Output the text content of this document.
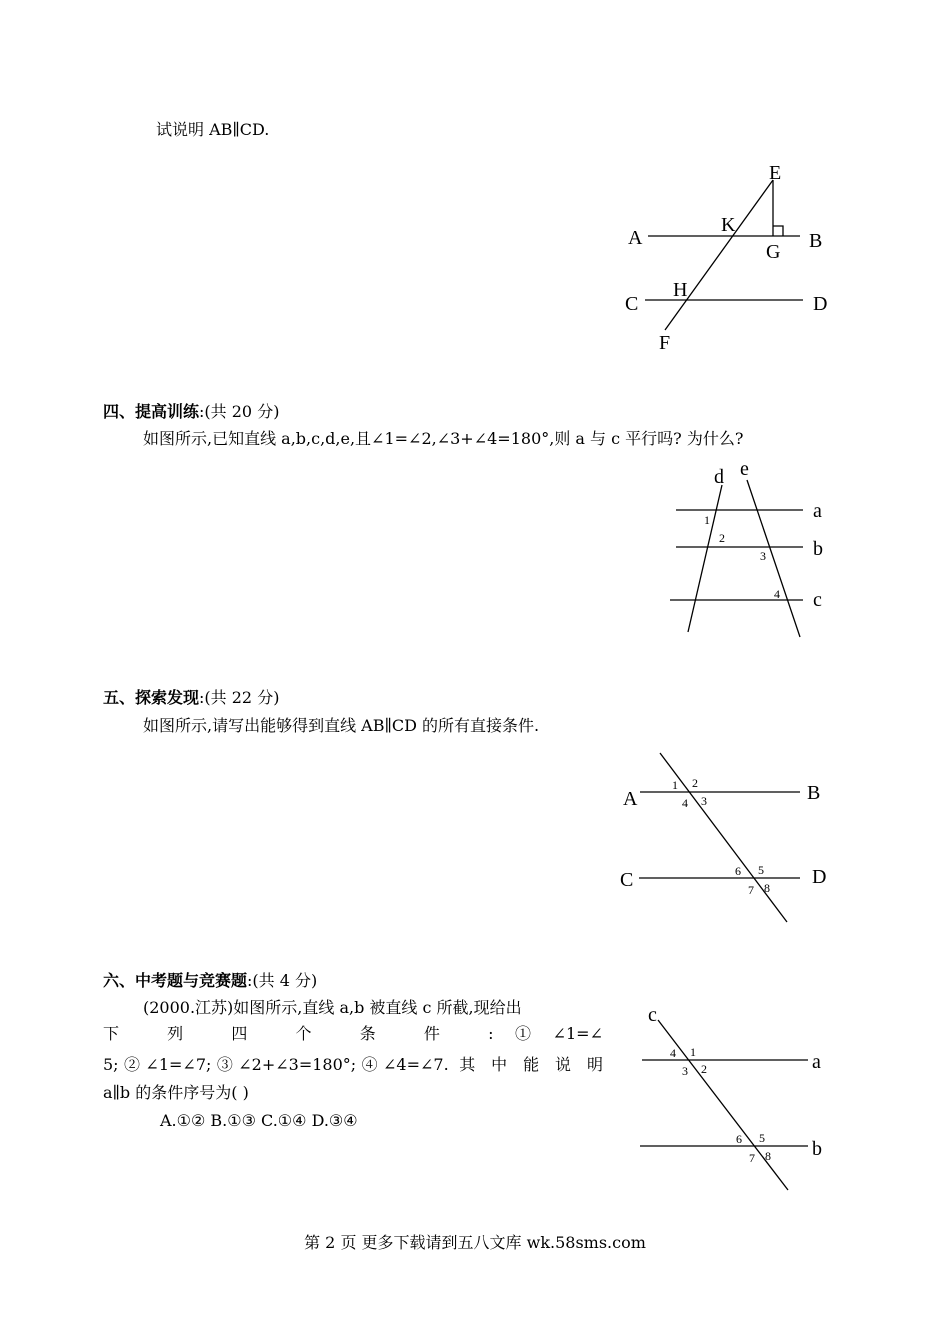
试说明 AB∥CD.
E
A
K
B
G
C
H
D
F
四、提高训练:(共 20 分)
如图所示,已知直线 a,b,c,d,e,且∠1=∠2,∠3+∠4=180°,则 a 与 c 平行吗? 为什么?
d e
a
b
c
1
2
3
4
五、探索发现:(共 22 分)
如图所示,请写出能够得到直线 AB∥CD 的所有直接条件.
A	B
C	D
1 2
4 3
6 5
7 8
六、中考题与竞赛题:(共 4 分)
(2000.江苏)如图所示,直线 a,b 被直线 c 所截,现给出
下 列 四 个 条 件 :①∠1=∠
5;②∠1=∠7;③∠2+∠3=180°;④∠4=∠7. 其 中 能 说 明
a∥b 的条件序号为( )
A.①② B.①③ C.①④ D.③④
c
a
b
4 1
3 2
6 5
7 8
第 2 页 更多下载请到五八文库 wk.58sms.com
